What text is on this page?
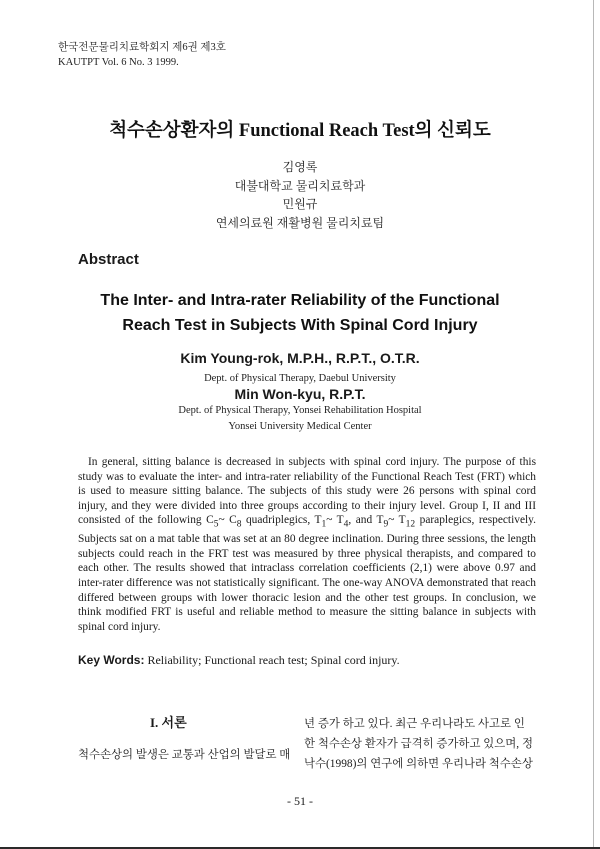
한국전문물리치료학회지 제6권 제3호
KAUTPT Vol. 6 No. 3 1999.
척수손상환자의 Functional Reach Test의 신뢰도
김영록
대불대학교 물리치료학과
민원규
연세의료원 재활병원 물리치료팀
Abstract
The Inter- and Intra-rater Reliability of the Functional
Reach Test in Subjects With Spinal Cord Injury
Kim Young-rok, M.P.H., R.P.T., O.T.R.
Dept. of Physical Therapy, Daebul University
Min Won-kyu, R.P.T.
Dept. of Physical Therapy, Yonsei Rehabilitation Hospital
Yonsei University Medical Center
In general, sitting balance is decreased in subjects with spinal cord injury. The purpose of this study was to evaluate the inter- and intra-rater reliability of the Functional Reach Test (FRT) which is used to measure sitting balance. The subjects of this study were 26 persons with spinal cord injury, and they were divided into three groups according to their injury level. Group I, II and III consisted of the following $C_5\sim$ $C_8$ quadriplegics, $T_1\sim$ $T_4$, and $T_9\sim$ $T_{12}$ paraplegics, respectively. Subjects sat on a mat table that was set at an 80 degree inclination. During three sessions, the length subjects could reach in the FRT test was measured by three physical therapists, and compared to each other. The results showed that intraclass correlation coefficients (2,1) were above 0.97 and inter-rater difference was not statistically significant. The one-way ANOVA demonstrated that reach differed between groups with lower thoracic lesion and the other test groups. In conclusion, we think modified FRT is useful and reliable method to measure the sitting balance in subjects with spinal cord injury.
Key Words: Reliability; Functional reach test; Spinal cord injury.
I. 서론
척수손상의 발생은 교통과 산업의 발달로 매
년 증가 하고 있다. 최근 우리나라도 사고로 인
한 척수손상 환자가 급격히 증가하고 있으며, 정
낙수(1998)의 연구에 의하면 우리나라 척수손상
- 51 -
